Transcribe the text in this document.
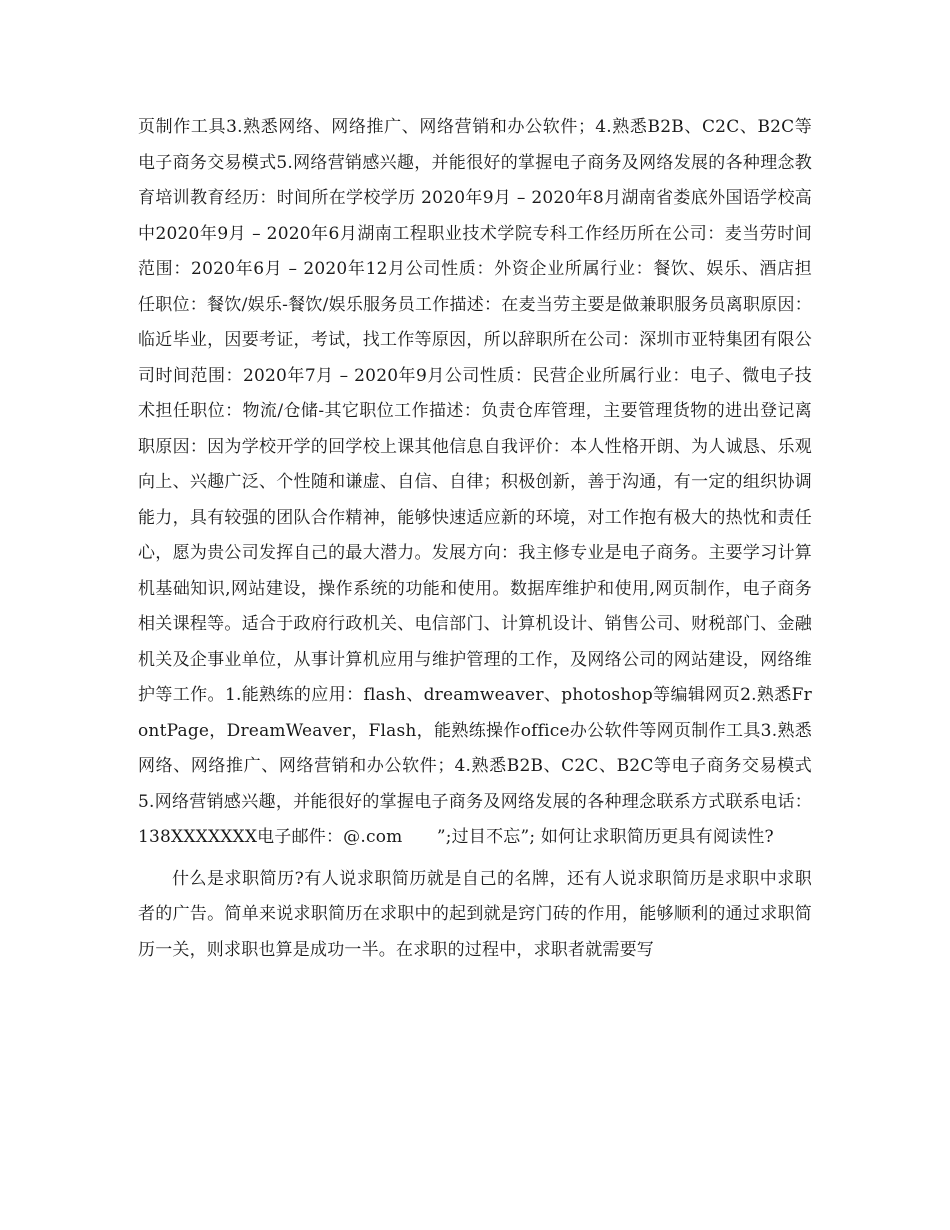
页制作工具3.熟悉网络、网络推广、网络营销和办公软件；4.熟悉B2B、C2C、B2C等电子商务交易模式5.网络营销感兴趣，并能很好的掌握电子商务及网络发展的各种理念教育培训教育经历：时间所在学校学历 2020年9月 – 2020年8月湖南省娄底外国语学校高中2020年9月 – 2020年6月湖南工程职业技术学院专科工作经历所在公司：麦当劳时间范围：2020年6月 – 2020年12月公司性质：外资企业所属行业：餐饮、娱乐、酒店担任职位：餐饮/娱乐-餐饮/娱乐服务员工作描述：在麦当劳主要是做兼职服务员离职原因：临近毕业，因要考证，考试，找工作等原因，所以辞职所在公司：深圳市亚特集团有限公司时间范围：2020年7月 – 2020年9月公司性质：民营企业所属行业：电子、微电子技术担任职位：物流/仓储-其它职位工作描述：负责仓库管理，主要管理货物的进出登记离职原因：因为学校开学的回学校上课其他信息自我评价：本人性格开朗、为人诚恳、乐观向上、兴趣广泛、个性随和谦虚、自信、自律；积极创新，善于沟通，有一定的组织协调能力，具有较强的团队合作精神，能够快速适应新的环境，对工作抱有极大的热忱和责任心，愿为贵公司发挥自己的最大潜力。发展方向：我主修专业是电子商务。主要学习计算机基础知识,网站建设，操作系统的功能和使用。数据库维护和使用,网页制作，电子商务相关课程等。适合于政府行政机关、电信部门、计算机设计、销售公司、财税部门、金融机关及企事业单位，从事计算机应用与维护管理的工作，及网络公司的网站建设，网络维护等工作。1.能熟练的应用：flash、dreamweaver、photoshop等编辑网页2.熟悉FrontPage，DreamWeaver，Flash，能熟练操作office办公软件等网页制作工具3.熟悉网络、网络推广、网络营销和办公软件；4.熟悉B2B、C2C、B2C等电子商务交易模式5.网络营销感兴趣，并能很好的掌握电子商务及网络发展的各种理念联系方式联系电话：138XXXXXXX电子邮件：@.com　　”;过目不忘”; 如何让求职简历更具有阅读性?

什么是求职简历?有人说求职简历就是自己的名牌，还有人说求职简历是求职中求职者的广告。简单来说求职简历在求职中的起到就是窍门砖的作用，能够顺利的通过求职简历一关，则求职也算是成功一半。在求职的过程中，求职者就需要写
